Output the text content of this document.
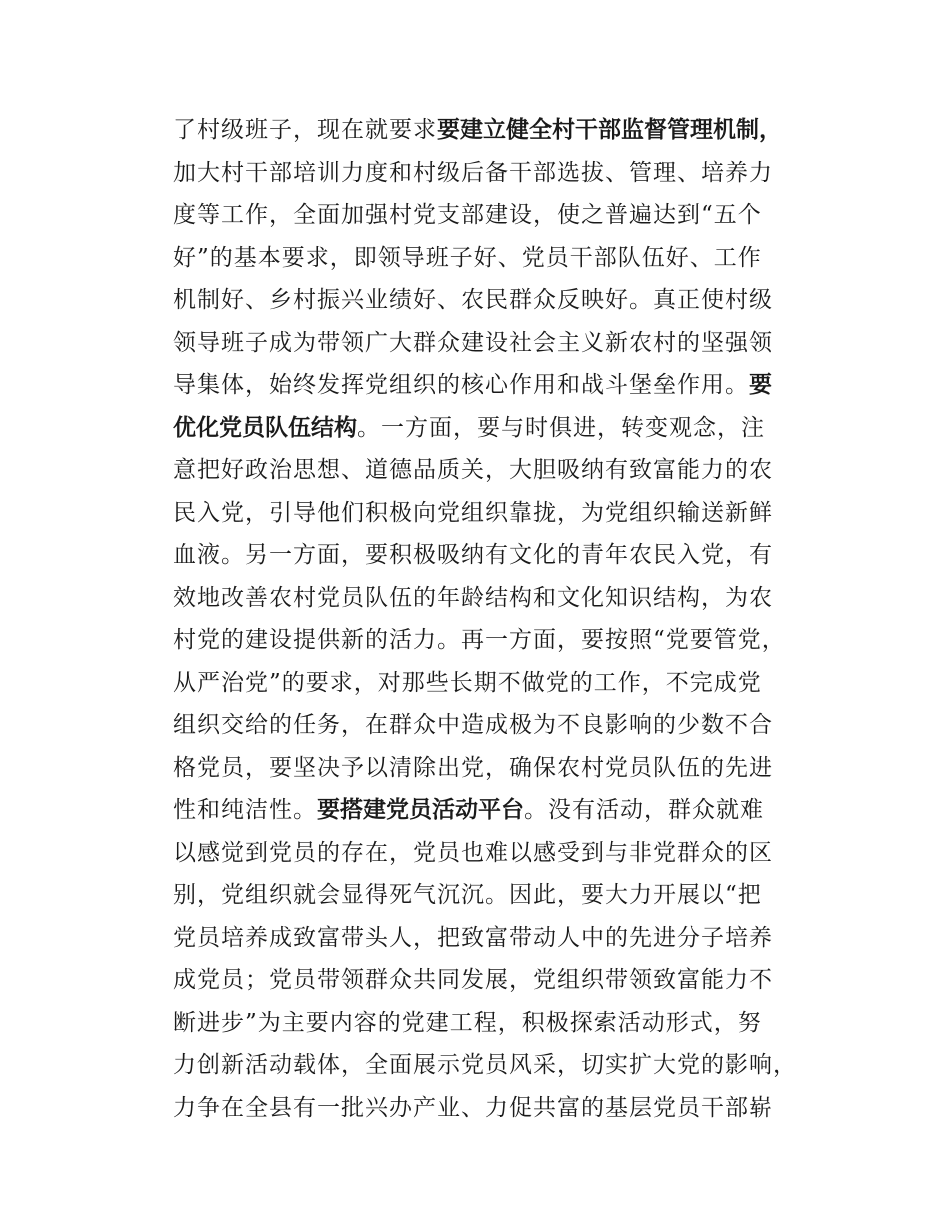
了村级班子，现在就要求要建立健全村干部监督管理机制，
加大村干部培训力度和村级后备干部选拔、管理、培养力
度等工作，全面加强村党支部建设，使之普遍达到“五个
好”的基本要求，即领导班子好、党员干部队伍好、工作
机制好、乡村振兴业绩好、农民群众反映好。真正使村级
领导班子成为带领广大群众建设社会主义新农村的坚强领
导集体，始终发挥党组织的核心作用和战斗堡垒作用。要
优化党员队伍结构。一方面，要与时俱进，转变观念，注
意把好政治思想、道德品质关，大胆吸纳有致富能力的农
民入党，引导他们积极向党组织靠拢，为党组织输送新鲜
血液。另一方面，要积极吸纳有文化的青年农民入党，有
效地改善农村党员队伍的年龄结构和文化知识结构，为农
村党的建设提供新的活力。再一方面，要按照“党要管党，
从严治党”的要求，对那些长期不做党的工作，不完成党
组织交给的任务，在群众中造成极为不良影响的少数不合
格党员，要坚决予以清除出党，确保农村党员队伍的先进
性和纯洁性。要搭建党员活动平台。没有活动，群众就难
以感觉到党员的存在，党员也难以感受到与非党群众的区
别，党组织就会显得死气沉沉。因此，要大力开展以“把
党员培养成致富带头人，把致富带动人中的先进分子培养
成党员；党员带领群众共同发展，党组织带领致富能力不
断进步”为主要内容的党建工程，积极探索活动形式，努
力创新活动载体，全面展示党员风采，切实扩大党的影响，
力争在全县有一批兴办产业、力促共富的基层党员干部崭
